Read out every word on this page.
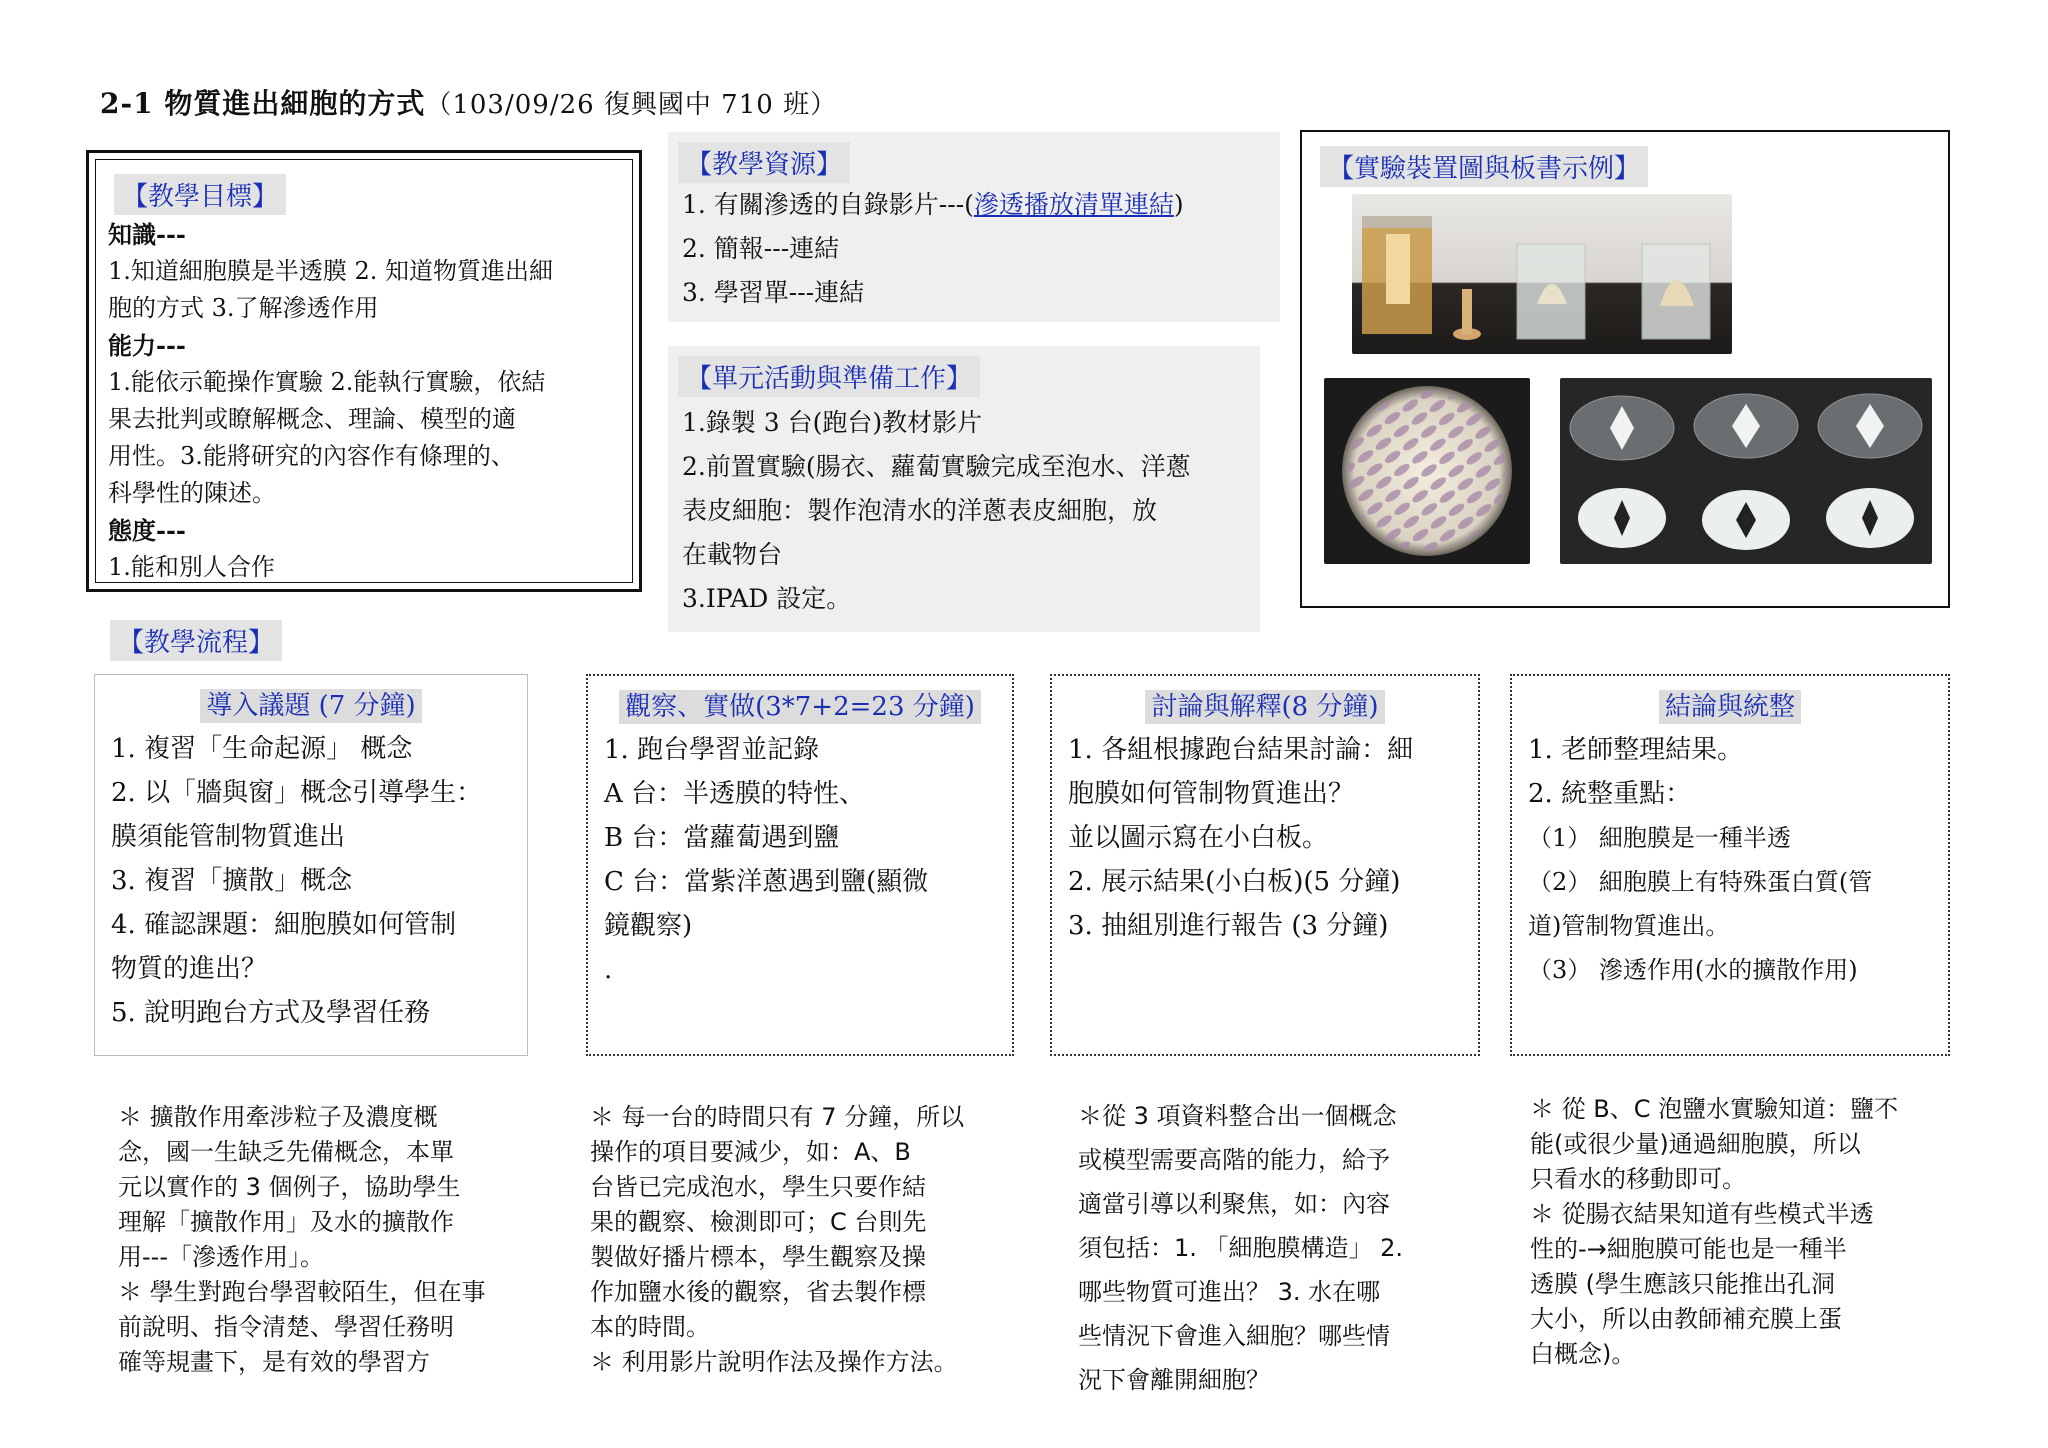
2-1 物質進出細胞的方式（103/09/26 復興國中 710 班）
【教學目標】
知識---
1.知道細胞膜是半透膜 2. 知道物質進出細
胞的方式 3.了解滲透作用
能力---
1.能依示範操作實驗 2.能執行實驗，依結
果去批判或瞭解概念、理論、模型的適
用性。3.能將研究的內容作有條理的、
科學性的陳述。
態度---
1.能和別人合作
【教學資源】
1. 有關滲透的自錄影片---(滲透播放清單連結)
2. 簡報---連結
3. 學習單---連結
【單元活動與準備工作】
1.錄製 3 台(跑台)教材影片
2.前置實驗(腸衣、蘿蔔實驗完成至泡水、洋蔥
表皮細胞：製作泡清水的洋蔥表皮細胞，放
在載物台
3.IPAD 設定。
【實驗裝置圖與板書示例】
【教學流程】
導入議題 (7 分鐘)
1. 複習「生命起源」 概念
2. 以「牆與窗」概念引導學生：
膜須能管制物質進出
3. 複習「擴散」概念
4. 確認課題：細胞膜如何管制
物質的進出？
5. 說明跑台方式及學習任務
觀察、實做(3*7+2=23 分鐘)
1. 跑台學習並記錄
A 台：半透膜的特性、
B 台：當蘿蔔遇到鹽
C 台：當紫洋蔥遇到鹽(顯微
鏡觀察)
.
討論與解釋(8 分鐘)
1. 各組根據跑台結果討論：細
胞膜如何管制物質進出？
並以圖示寫在小白板。
2. 展示結果(小白板)(5 分鐘)
3. 抽組別進行報告 (3 分鐘)
結論與統整
1. 老師整理結果。
2. 統整重點：
（1） 細胞膜是一種半透
（2） 細胞膜上有特殊蛋白質(管
道)管制物質進出。
（3） 滲透作用(水的擴散作用)
＊ 擴散作用牽涉粒子及濃度概
念，國一生缺乏先備概念，本單
元以實作的 3 個例子，協助學生
理解「擴散作用」及水的擴散作
用---「滲透作用」。
＊ 學生對跑台學習較陌生，但在事
前說明、指令清楚、學習任務明
確等規畫下，是有效的學習方
＊ 每一台的時間只有 7 分鐘，所以
操作的項目要減少，如：A、B
台皆已完成泡水，學生只要作結
果的觀察、檢測即可；C 台則先
製做好播片標本，學生觀察及操
作加鹽水後的觀察，省去製作標
本的時間。
＊ 利用影片說明作法及操作方法。
＊從 3 項資料整合出一個概念
或模型需要高階的能力，給予
適當引導以利聚焦，如：內容
須包括：1. 「細胞膜構造」 2.
哪些物質可進出？ 3. 水在哪
些情況下會進入細胞？哪些情
況下會離開細胞？
＊ 從 B、C 泡鹽水實驗知道：鹽不
能(或很少量)通過細胞膜，所以
只看水的移動即可。
＊ 從腸衣結果知道有些模式半透
性的-→細胞膜可能也是一種半
透膜 (學生應該只能推出孔洞
大小，所以由教師補充膜上蛋
白概念)。
